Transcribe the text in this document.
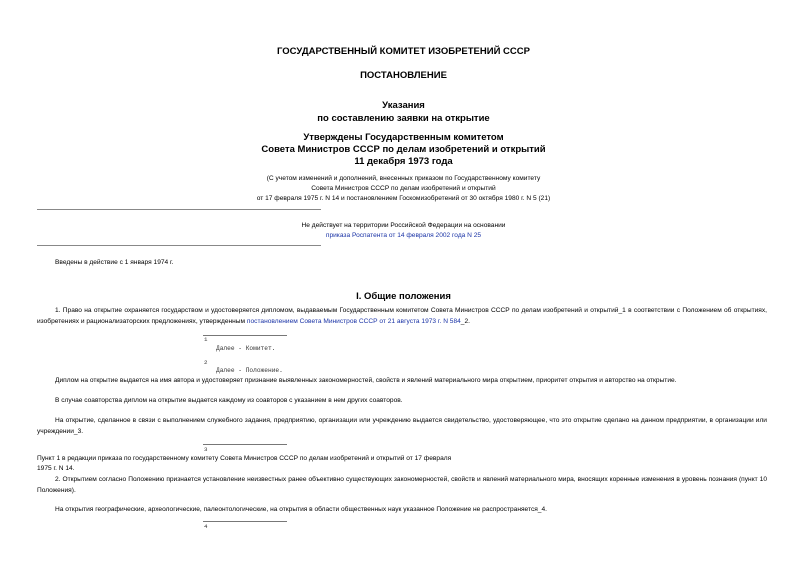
ГОСУДАРСТВЕННЫЙ КОМИТЕТ ИЗОБРЕТЕНИЙ СССР
ПОСТАНОВЛЕНИЕ
Указания
по составлению заявки на открытие
Утверждены Государственным комитетом
Совета Министров СССР по делам изобретений и открытий
11 декабря 1973 года
(С учетом изменений и дополнений, внесенных приказом по Государственному комитету
Совета Министров СССР по делам изобретений и открытий
от 17 февраля 1975 г. N 14 и постановлением Госкомизобретений от 30 октября 1980 г. N 5 (21)
Не действует на территории Российской Федерации на основании
приказа Роспатента от 14 февраля 2002 года N 25
Введены в действие с 1 января 1974 г.
I. Общие положения
1. Право на открытие охраняется государством и удостоверяется дипломом, выдаваемым Государственным комитетом Совета Министров СССР по делам изобретений и открытий_1 в соответствии с Положением об открытиях, изобретениях и рационализаторских предложениях, утвержденным постановлением Совета Министров СССР от 21 августа 1973 г. N 584_2.
1
Далее - Комитет.
2
Далее - Положение.
Диплом на открытие выдается на имя автора и удостоверяет признание выявленных закономерностей, свойств и явлений материального мира открытием, приоритет открытия и авторство на открытие.
В случае соавторства диплом на открытие выдается каждому из соавторов с указанием в нем других соавторов.
На открытие, сделанное в связи с выполнением служебного задания, предприятию, организации или учреждению выдается свидетельство, удостоверяющее, что это открытие сделано на данном предприятии, в организации или учреждении_3.
3
Пункт 1 в редакции приказа по государственному комитету Совета Министров СССР по делам изобретений и открытий от 17 февраля
1975 г. N 14.
2. Открытием согласно Положению признается установление неизвестных ранее объективно существующих закономерностей, свойств и явлений материального мира, вносящих коренные изменения в уровень познания (пункт 10 Положения).
На открытия географические, археологические, палеонтологические, на открытия в области общественных наук указанное Положение не распространяется_4.
4
